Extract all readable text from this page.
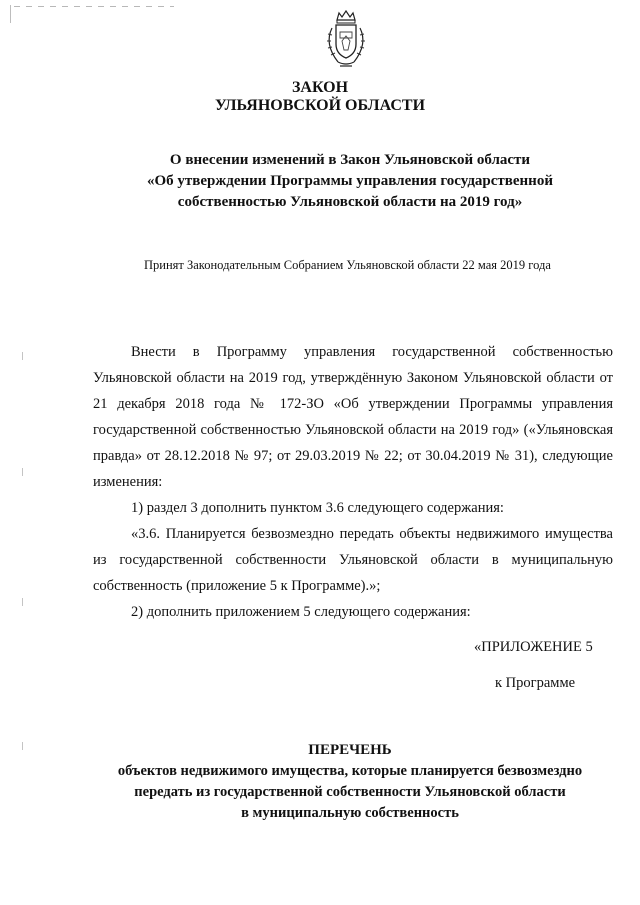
ЗАКОН
УЛЬЯНОВСКОЙ ОБЛАСТИ
О внесении изменений в Закон Ульяновской области
«Об утверждении Программы управления государственной
собственностью Ульяновской области на 2019 год»
Принят Законодательным Собранием Ульяновской области 22 мая 2019 года

Внести в Программу управления государственной собственностью Ульяновской области на 2019 год, утверждённую Законом Ульяновской области от 21 декабря 2018 года № 172-ЗО «Об утверждении Программы управления государственной собственностью Ульяновской области на 2019 год» («Ульяновская правда» от 28.12.2018 № 97; от 29.03.2019 № 22; от 30.04.2019 № 31), следующие изменения:

1) раздел 3 дополнить пунктом 3.6 следующего содержания:

«3.6. Планируется безвозмездно передать объекты недвижимого имущества из государственной собственности Ульяновской области в муниципальную собственность (приложение 5 к Программе).»;

2) дополнить приложением 5 следующего содержания:

«ПРИЛОЖЕНИЕ 5
к Программе
ПЕРЕЧЕНЬ
объектов недвижимого имущества, которые планируется безвозмездно
передать из государственной собственности Ульяновской области
в муниципальную собственность
